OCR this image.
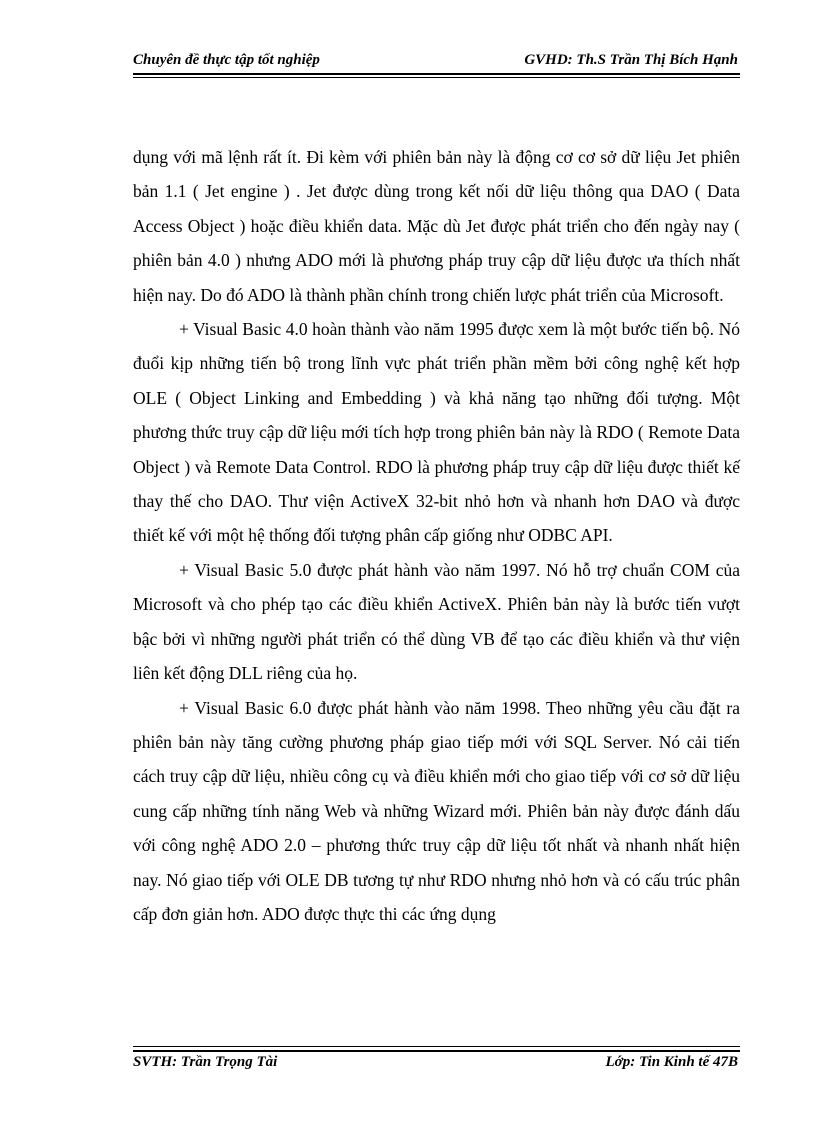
Chuyên đề thực tập tốt nghiệp	GVHD: Th.S Trần Thị Bích Hạnh

dụng với mã lệnh rất ít. Đi kèm với phiên bản này là động cơ cơ sở dữ liệu Jet phiên bản 1.1 ( Jet engine ) . Jet được dùng trong kết nối dữ liệu thông qua DAO ( Data Access Object ) hoặc điều khiển data. Mặc dù Jet được phát triển cho đến ngày nay ( phiên bản 4.0 ) nhưng ADO mới là phương pháp truy cập dữ liệu được ưa thích nhất hiện nay. Do đó ADO là thành phần chính trong chiến lược phát triển của Microsoft.

+ Visual Basic 4.0 hoàn thành vào năm 1995 được xem là một bước tiến bộ. Nó đuổi kịp những tiến bộ trong lĩnh vực phát triển phần mềm bởi công nghệ kết hợp OLE ( Object Linking and Embedding ) và khả năng tạo những đối tượng. Một phương thức truy cập dữ liệu mới tích hợp trong phiên bản này là RDO ( Remote Data Object ) và Remote Data Control. RDO là phương pháp truy cập dữ liệu được thiết kế thay thế cho DAO. Thư viện ActiveX 32-bit nhỏ hơn và nhanh hơn DAO và được thiết kế với một hệ thống đối tượng phân cấp giống như ODBC API.

+ Visual Basic 5.0 được phát hành vào năm 1997. Nó hỗ trợ chuẩn COM của Microsoft và cho phép tạo các điều khiển ActiveX. Phiên bản này là bước tiến vượt bậc bởi vì những người phát triển có thể dùng VB để tạo các điều khiển và thư viện liên kết động DLL riêng của họ.

+ Visual Basic 6.0 được phát hành vào năm 1998. Theo những yêu cầu đặt ra phiên bản này tăng cường phương pháp giao tiếp mới với SQL Server. Nó cải tiến cách truy cập dữ liệu, nhiều công cụ và điều khiển mới cho giao tiếp với cơ sở dữ liệu cung cấp những tính năng Web và những Wizard mới. Phiên bản này được đánh dấu với công nghệ ADO 2.0 – phương thức truy cập dữ liệu tốt nhất và nhanh nhất hiện nay. Nó giao tiếp với OLE DB tương tự như RDO nhưng nhỏ hơn và có cấu trúc phân cấp đơn giản hơn. ADO được thực thi các ứng dụng

SVTH: Trần Trọng Tài	Lớp: Tin Kinh tế 47B
